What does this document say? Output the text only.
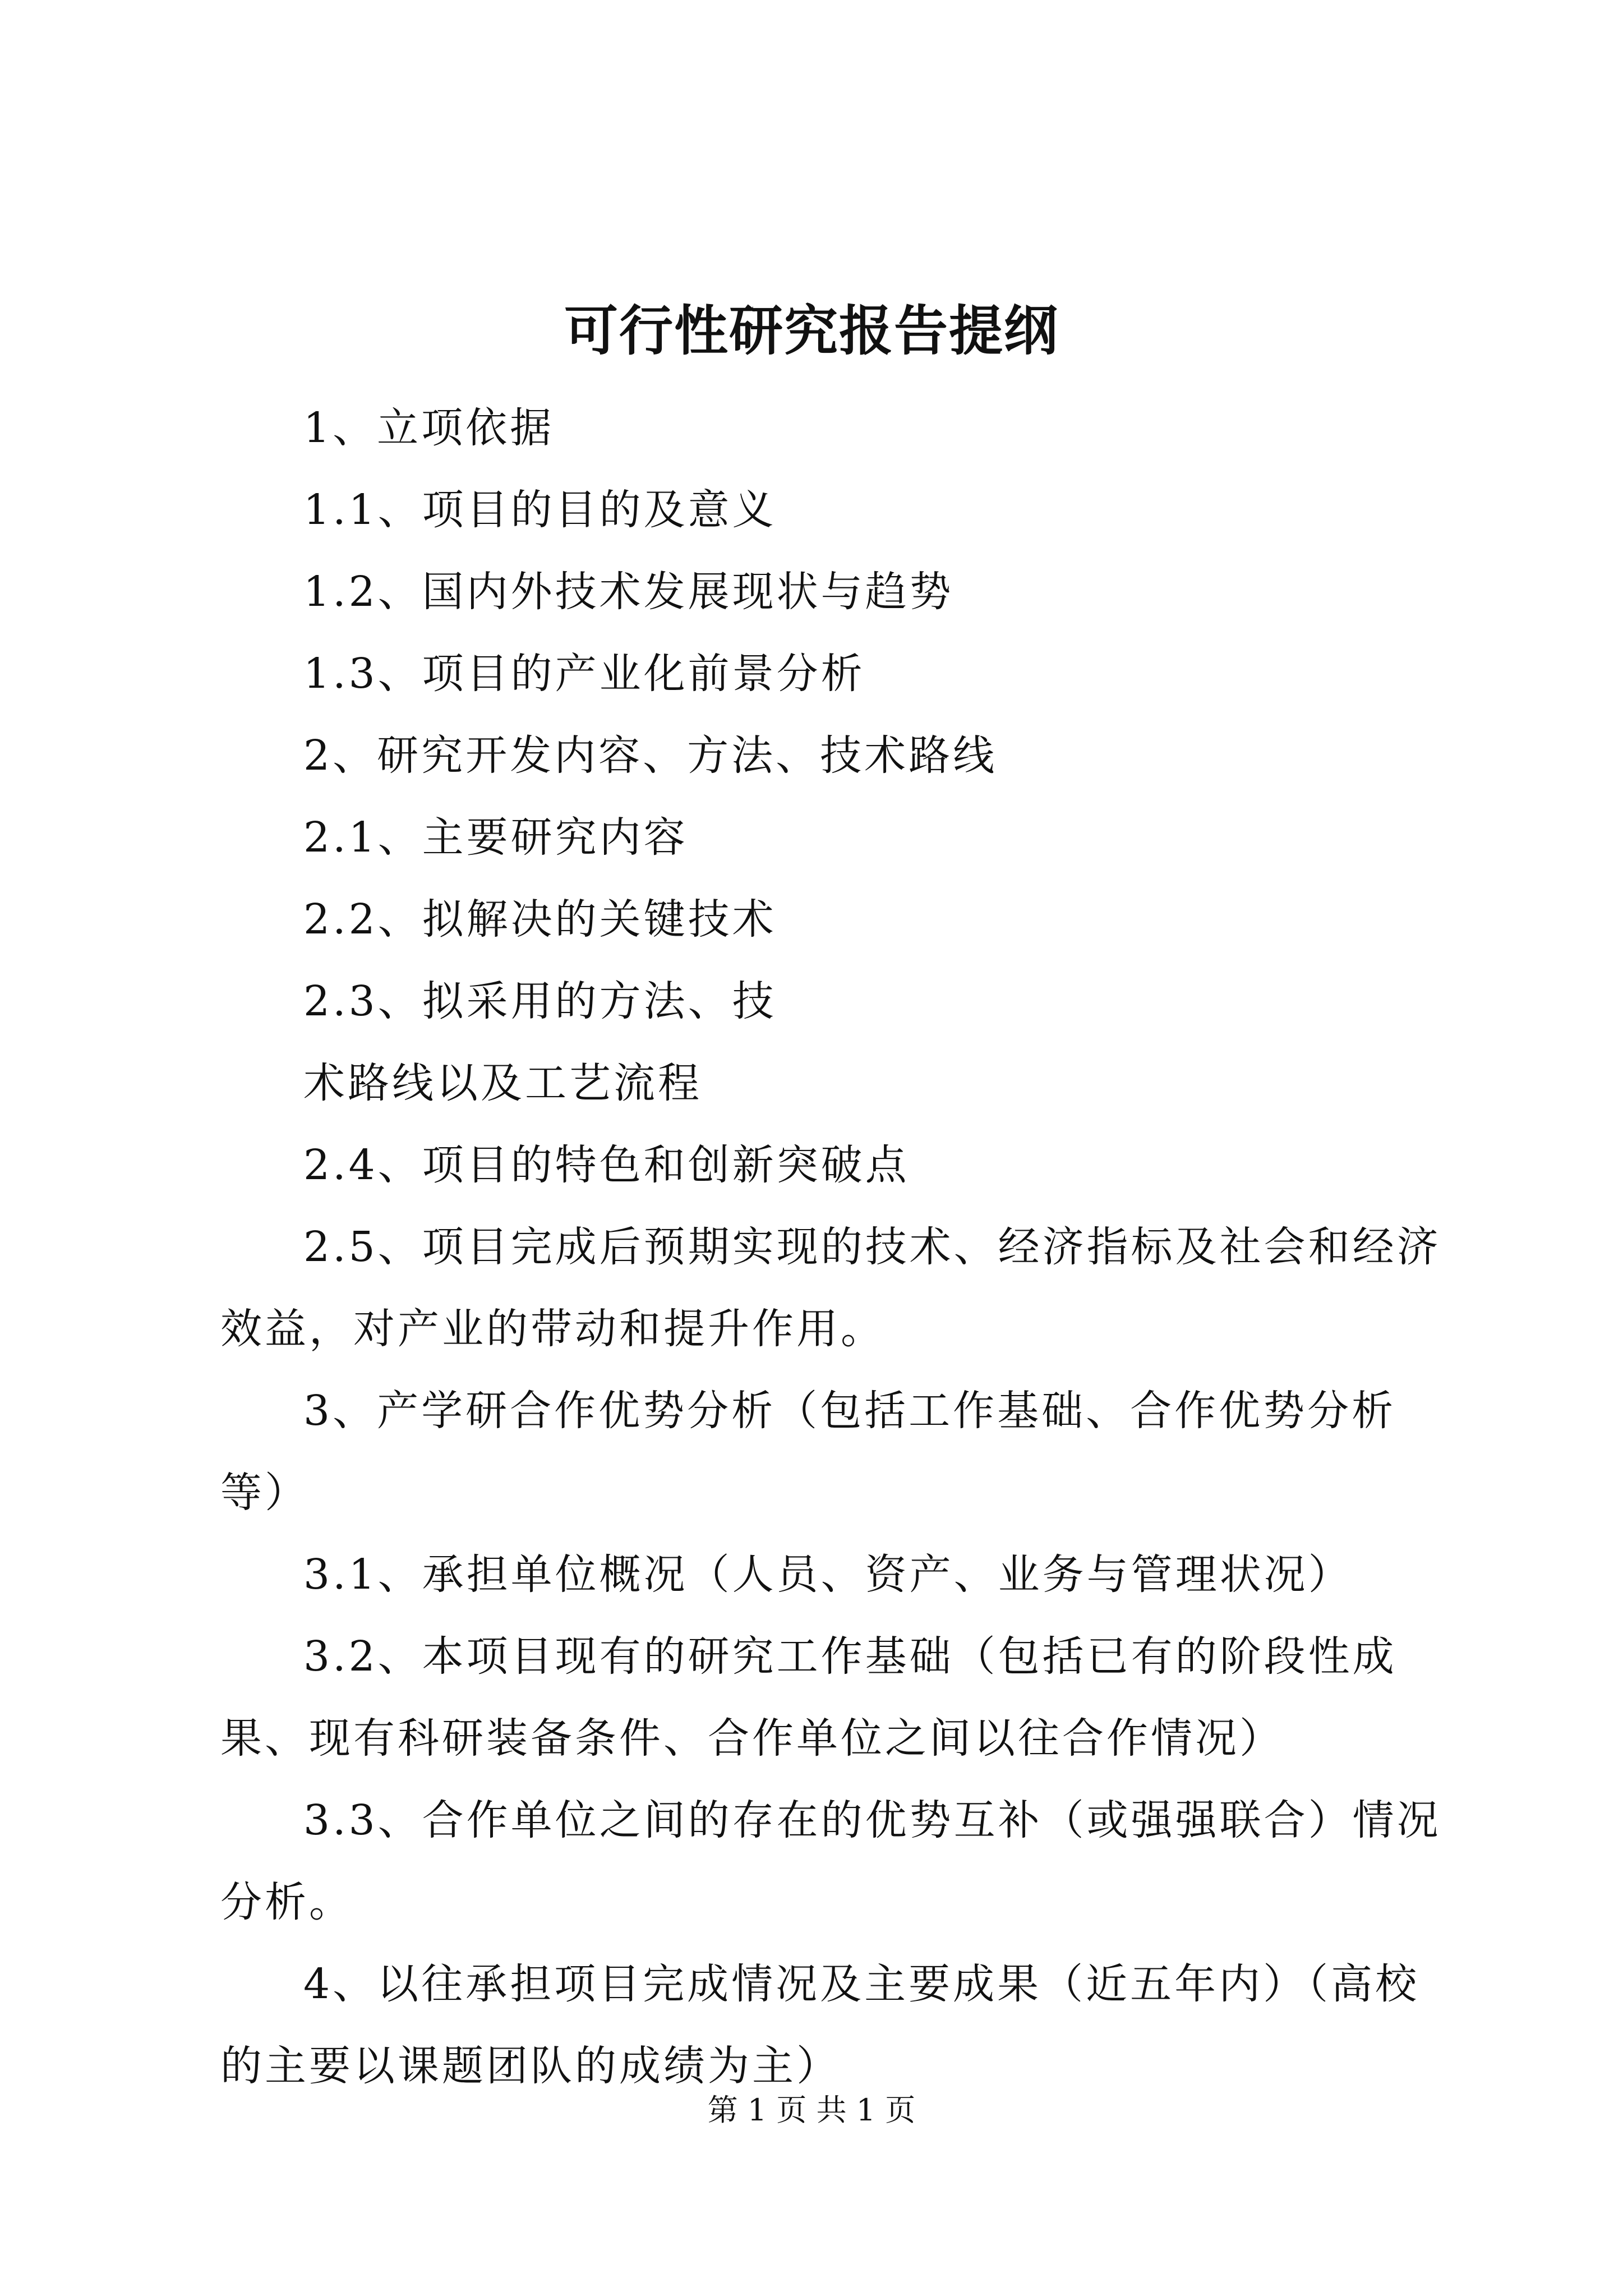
可行性研究报告提纲

1、立项依据

1.1、项目的目的及意义

1.2、国内外技术发展现状与趋势

1.3、项目的产业化前景分析

2、研究开发内容、方法、技术路线

2.1、主要研究内容

2.2、拟解决的关键技术

2.3、拟采用的方法、技

术路线以及工艺流程

2.4、项目的特色和创新突破点

2.5、项目完成后预期实现的技术、经济指标及社会和经济效益，对产业的带动和提升作用。

3、产学研合作优势分析（包括工作基础、合作优势分析等）

3.1、承担单位概况（人员、资产、业务与管理状况）

3.2、本项目现有的研究工作基础（包括已有的阶段性成果、现有科研装备条件、合作单位之间以往合作情况）

3.3、合作单位之间的存在的优势互补（或强强联合）情况分析。

4、以往承担项目完成情况及主要成果（近五年内）（高校的主要以课题团队的成绩为主）

第 1 页 共 1 页
